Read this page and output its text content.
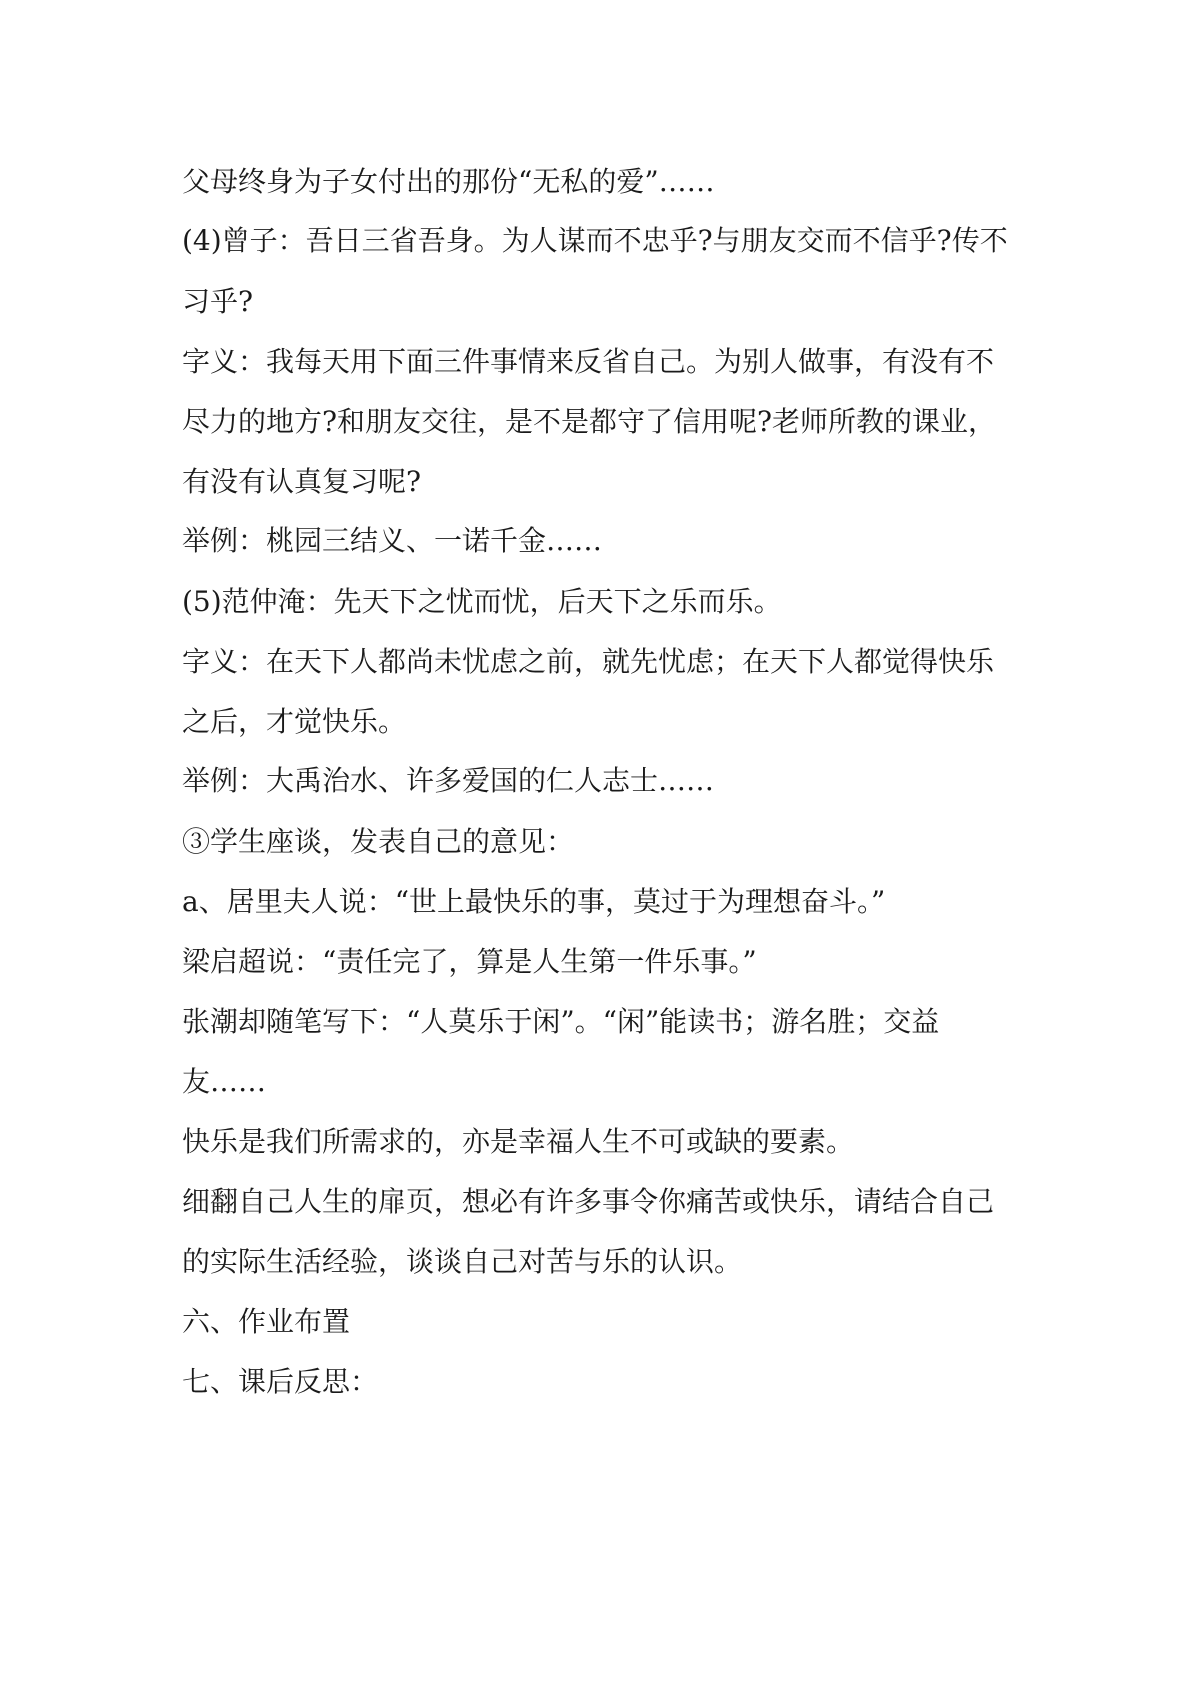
父母终身为子女付出的那份“无私的爱”……
(4)曾子：吾日三省吾身。为人谋而不忠乎?与朋友交而不信乎?传不
习乎?
字义：我每天用下面三件事情来反省自己。为别人做事，有没有不
尽力的地方?和朋友交往，是不是都守了信用呢?老师所教的课业，
有没有认真复习呢?
举例：桃园三结义、一诺千金……
(5)范仲淹：先天下之忧而忧，后天下之乐而乐。
字义：在天下人都尚未忧虑之前，就先忧虑；在天下人都觉得快乐
之后，才觉快乐。
举例：大禹治水、许多爱国的仁人志士……
③学生座谈，发表自己的意见：
a、居里夫人说：“世上最快乐的事，莫过于为理想奋斗。”
梁启超说：“责任完了，算是人生第一件乐事。”
张潮却随笔写下：“人莫乐于闲”。“闲”能读书；游名胜；交益
友……
快乐是我们所需求的，亦是幸福人生不可或缺的要素。
细翻自己人生的扉页，想必有许多事令你痛苦或快乐，请结合自己
的实际生活经验，谈谈自己对苦与乐的认识。
六、作业布置
七、课后反思：
